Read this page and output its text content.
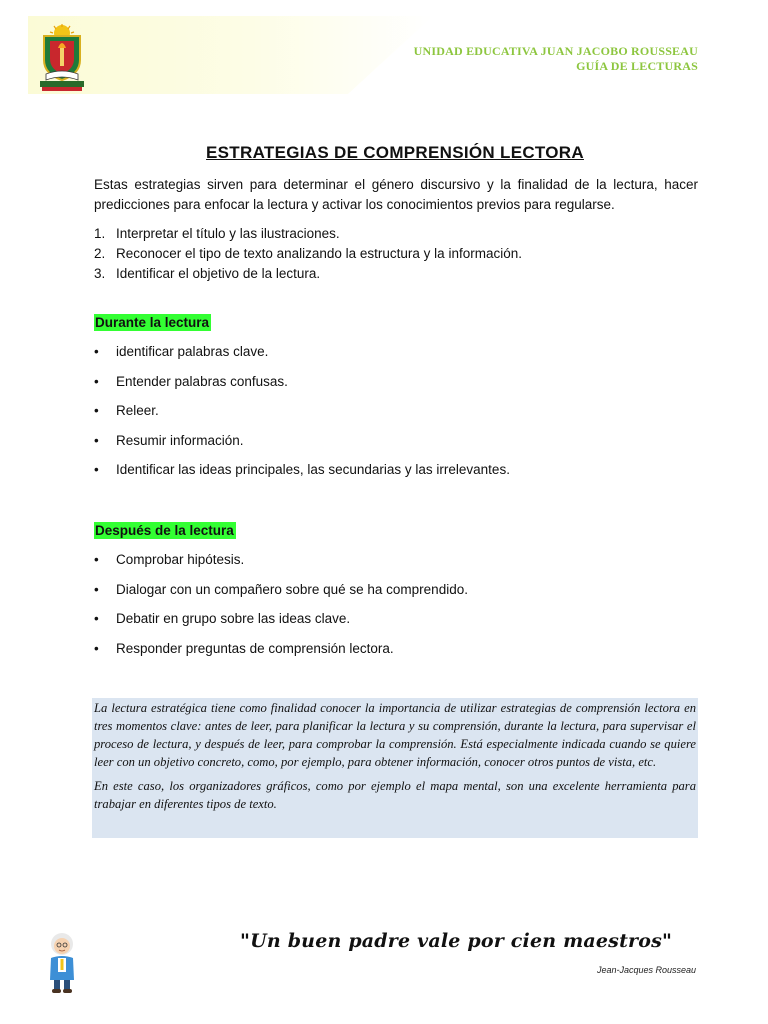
UNIDAD EDUCATIVA JUAN JACOBO ROUSSEAU
GUÍA DE LECTURAS
ESTRATEGIAS DE COMPRENSIÓN LECTORA
Estas estrategias sirven para determinar el género discursivo y la finalidad de la lectura, hacer predicciones para enfocar la lectura y activar los conocimientos previos para regularse.
1. Interpretar el título y las ilustraciones.
2. Reconocer el tipo de texto analizando la estructura y la información.
3. Identificar el objetivo de la lectura.
Durante la lectura
• identificar palabras clave.
• Entender palabras confusas.
• Releer.
• Resumir información.
• Identificar las ideas principales, las secundarias y las irrelevantes.
Después de la lectura
• Comprobar hipótesis.
• Dialogar con un compañero sobre qué se ha comprendido.
• Debatir en grupo sobre las ideas clave.
• Responder preguntas de comprensión lectora.

La lectura estratégica tiene como finalidad conocer la importancia de utilizar estrategias de comprensión lectora en tres momentos clave: antes de leer, para planificar la lectura y su comprensión, durante la lectura, para supervisar el proceso de lectura, y después de leer, para comprobar la comprensión. Está especialmente indicada cuando se quiere leer con un objetivo concreto, como, por ejemplo, para obtener información, conocer otros puntos de vista, etc.

En este caso, los organizadores gráficos, como por ejemplo el mapa mental, son una excelente herramienta para trabajar en diferentes tipos de texto.

"Un buen padre vale por cien maestros"
Jean-Jacques Rousseau
